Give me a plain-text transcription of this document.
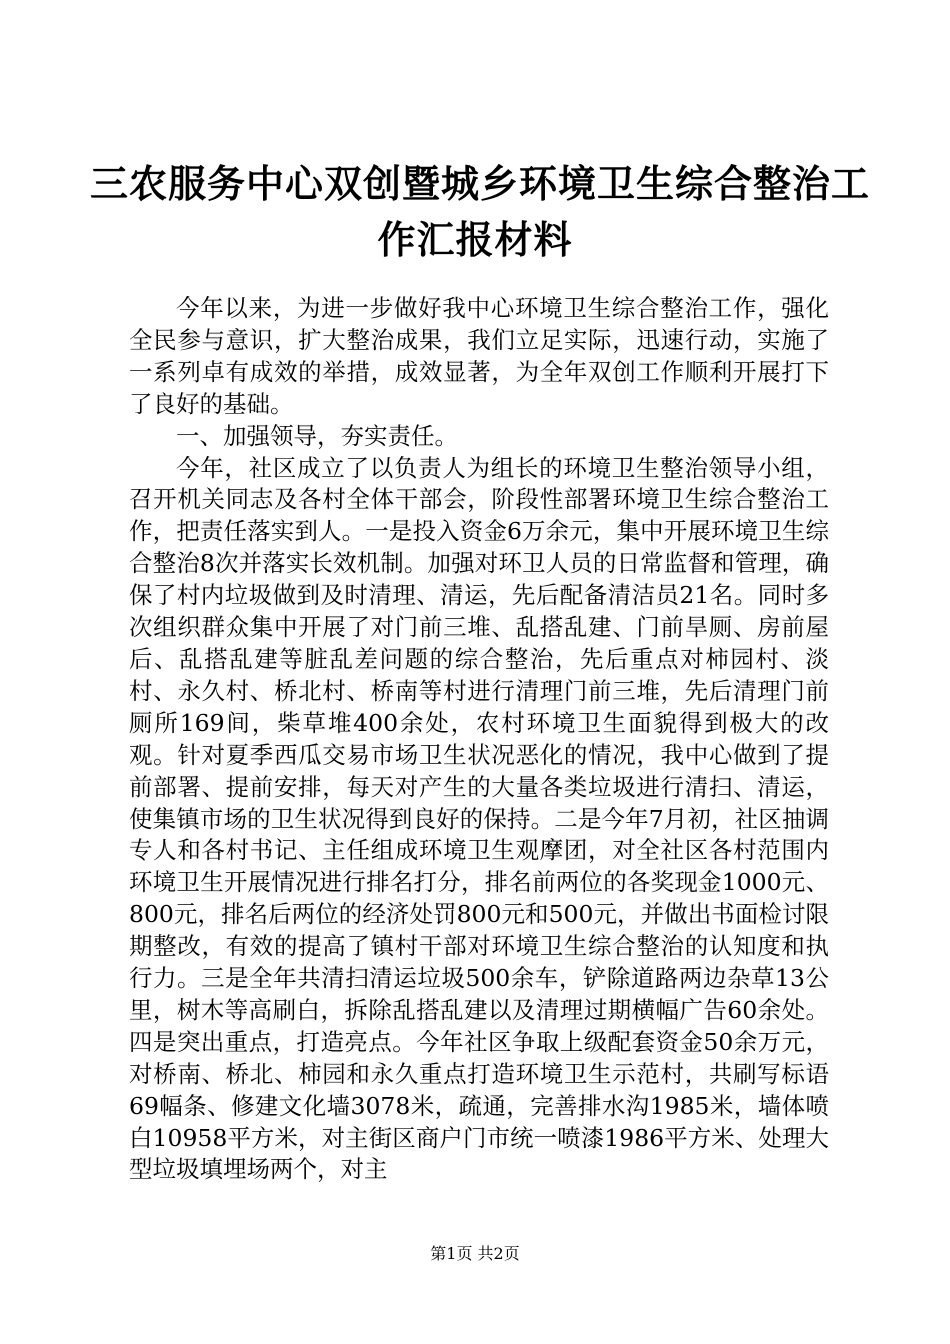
三农服务中心双创暨城乡环境卫生综合整治工
作汇报材料

今年以来，为进一步做好我中心环境卫生综合整治工作，强化全民参与意识，扩大整治成果，我们立足实际，迅速行动，实施了一系列卓有成效的举措，成效显著，为全年双创工作顺利开展打下了良好的基础。

一、加强领导，夯实责任。

今年，社区成立了以负责人为组长的环境卫生整治领导小组，召开机关同志及各村全体干部会，阶段性部署环境卫生综合整治工作，把责任落实到人。一是投入资金6万余元，集中开展环境卫生综合整治8次并落实长效机制。加强对环卫人员的日常监督和管理，确保了村内垃圾做到及时清理、清运，先后配备清洁员21名。同时多次组织群众集中开展了对门前三堆、乱搭乱建、门前旱厕、房前屋后、乱搭乱建等脏乱差问题的综合整治，先后重点对柿园村、淡村、永久村、桥北村、桥南等村进行清理门前三堆，先后清理门前厕所169间，柴草堆400余处，农村环境卫生面貌得到极大的改观。针对夏季西瓜交易市场卫生状况恶化的情况，我中心做到了提前部署、提前安排，每天对产生的大量各类垃圾进行清扫、清运，使集镇市场的卫生状况得到良好的保持。二是今年7月初，社区抽调专人和各村书记、主任组成环境卫生观摩团，对全社区各村范围内环境卫生开展情况进行排名打分，排名前两位的各奖现金1000元、800元，排名后两位的经济处罚800元和500元，并做出书面检讨限期整改，有效的提高了镇村干部对环境卫生综合整治的认知度和执行力。三是全年共清扫清运垃圾500余车，铲除道路两边杂草13公里，树木等高刷白，拆除乱搭乱建以及清理过期横幅广告60余处。四是突出重点，打造亮点。今年社区争取上级配套资金50余万元，对桥南、桥北、柿园和永久重点打造环境卫生示范村，共刷写标语69幅条、修建文化墙3078米，疏通，完善排水沟1985米，墙体喷白10958平方米，对主街区商户门市统一喷漆1986平方米、处理大型垃圾填埋场两个，对主

第1页 共2页
